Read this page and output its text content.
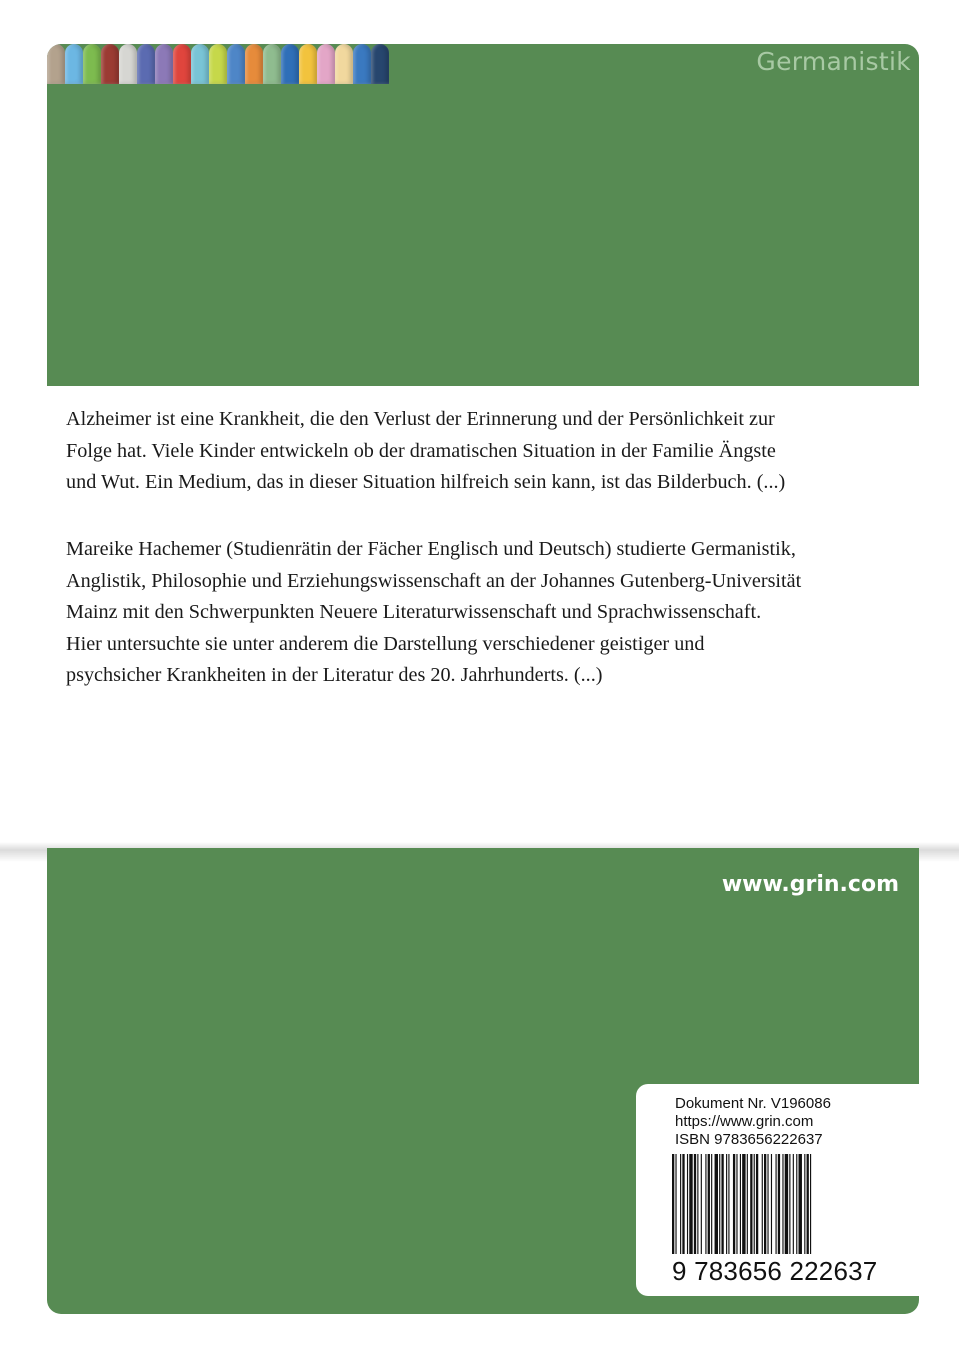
Germanistik
Alzheimer ist eine Krankheit, die den Verlust der Erinnerung und der Persönlichkeit zur
Folge hat. Viele Kinder entwickeln ob der dramatischen Situation in der Familie Ängste
und Wut. Ein Medium, das in dieser Situation hilfreich sein kann, ist das Bilderbuch. (...)
Mareike Hachemer (Studienrätin der Fächer Englisch und Deutsch) studierte Germanistik,
Anglistik, Philosophie und Erziehungswissenschaft an der Johannes Gutenberg-Universität
Mainz mit den Schwerpunkten Neuere Literaturwissenschaft und Sprachwissenschaft.
Hier untersuchte sie unter anderem die Darstellung verschiedener geistiger und
psychsicher Krankheiten in der Literatur des 20. Jahrhunderts. (...)
www.grin.com
Dokument Nr. V196086
https://www.grin.com
ISBN 9783656222637
9 783656 222637
